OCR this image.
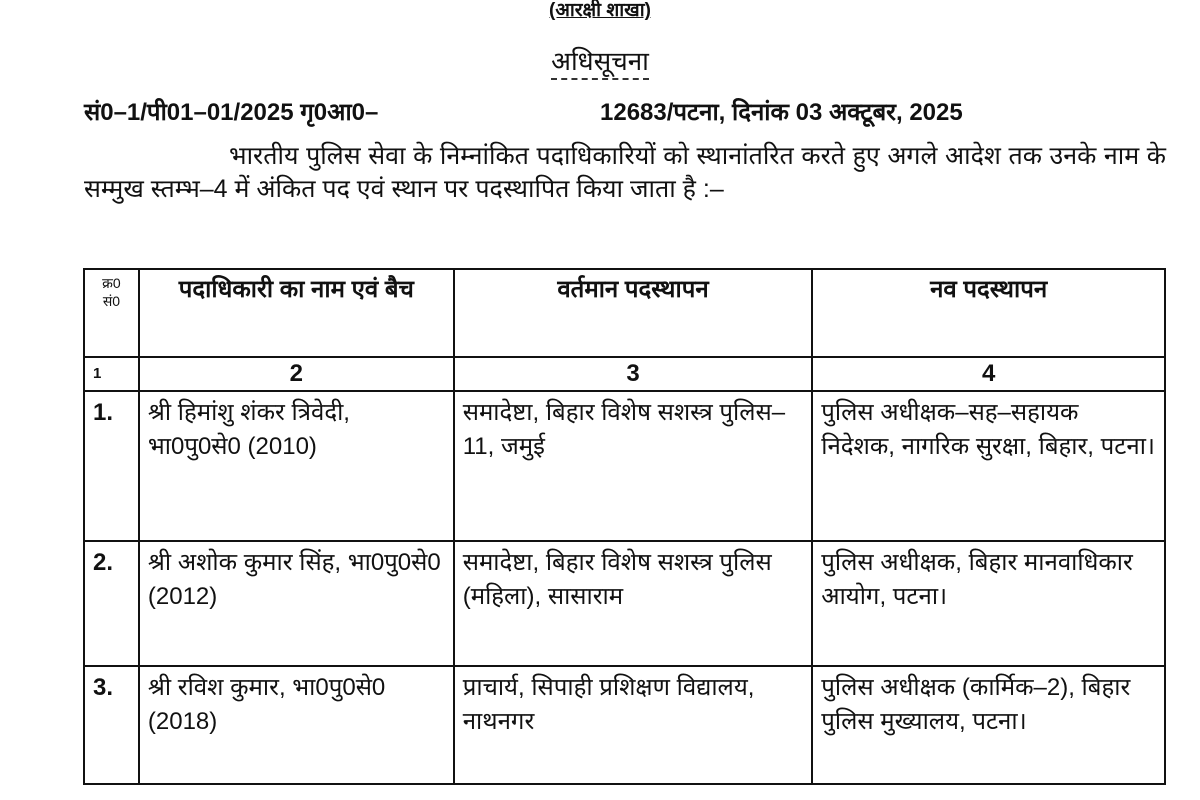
(आरक्षी शाखा)
अधिसूचना
सं0–1/पी01–01/2025 गृ0आ0–	12683/पटना, दिनांक 03 अक्टूबर, 2025
भारतीय पुलिस सेवा के निम्नांकित पदाधिकारियों को स्थानांतरित करते हुए अगले आदेश तक उनके नाम के सम्मुख स्तम्भ–4 में अंकित पद एवं स्थान पर पदस्थापित किया जाता है :–
क्र0 सं0	पदाधिकारी का नाम एवं बैच	वर्तमान पदस्थापन	नव पदस्थापन
1	2	3	4
1.	श्री हिमांशु शंकर त्रिवेदी, भा0पु0से0 (2010)	समादेष्टा, बिहार विशेष सशस्त्र पुलिस–11, जमुई	पुलिस अधीक्षक–सह–सहायक निदेशक, नागरिक सुरक्षा, बिहार, पटना।
2.	श्री अशोक कुमार सिंह, भा0पु0से0 (2012)	समादेष्टा, बिहार विशेष सशस्त्र पुलिस (महिला), सासाराम	पुलिस अधीक्षक, बिहार मानवाधिकार आयोग, पटना।
3.	श्री रविश कुमार, भा0पु0से0 (2018)	प्राचार्य, सिपाही प्रशिक्षण विद्यालय, नाथनगर	पुलिस अधीक्षक (कार्मिक–2), बिहार पुलिस मुख्यालय, पटना।
